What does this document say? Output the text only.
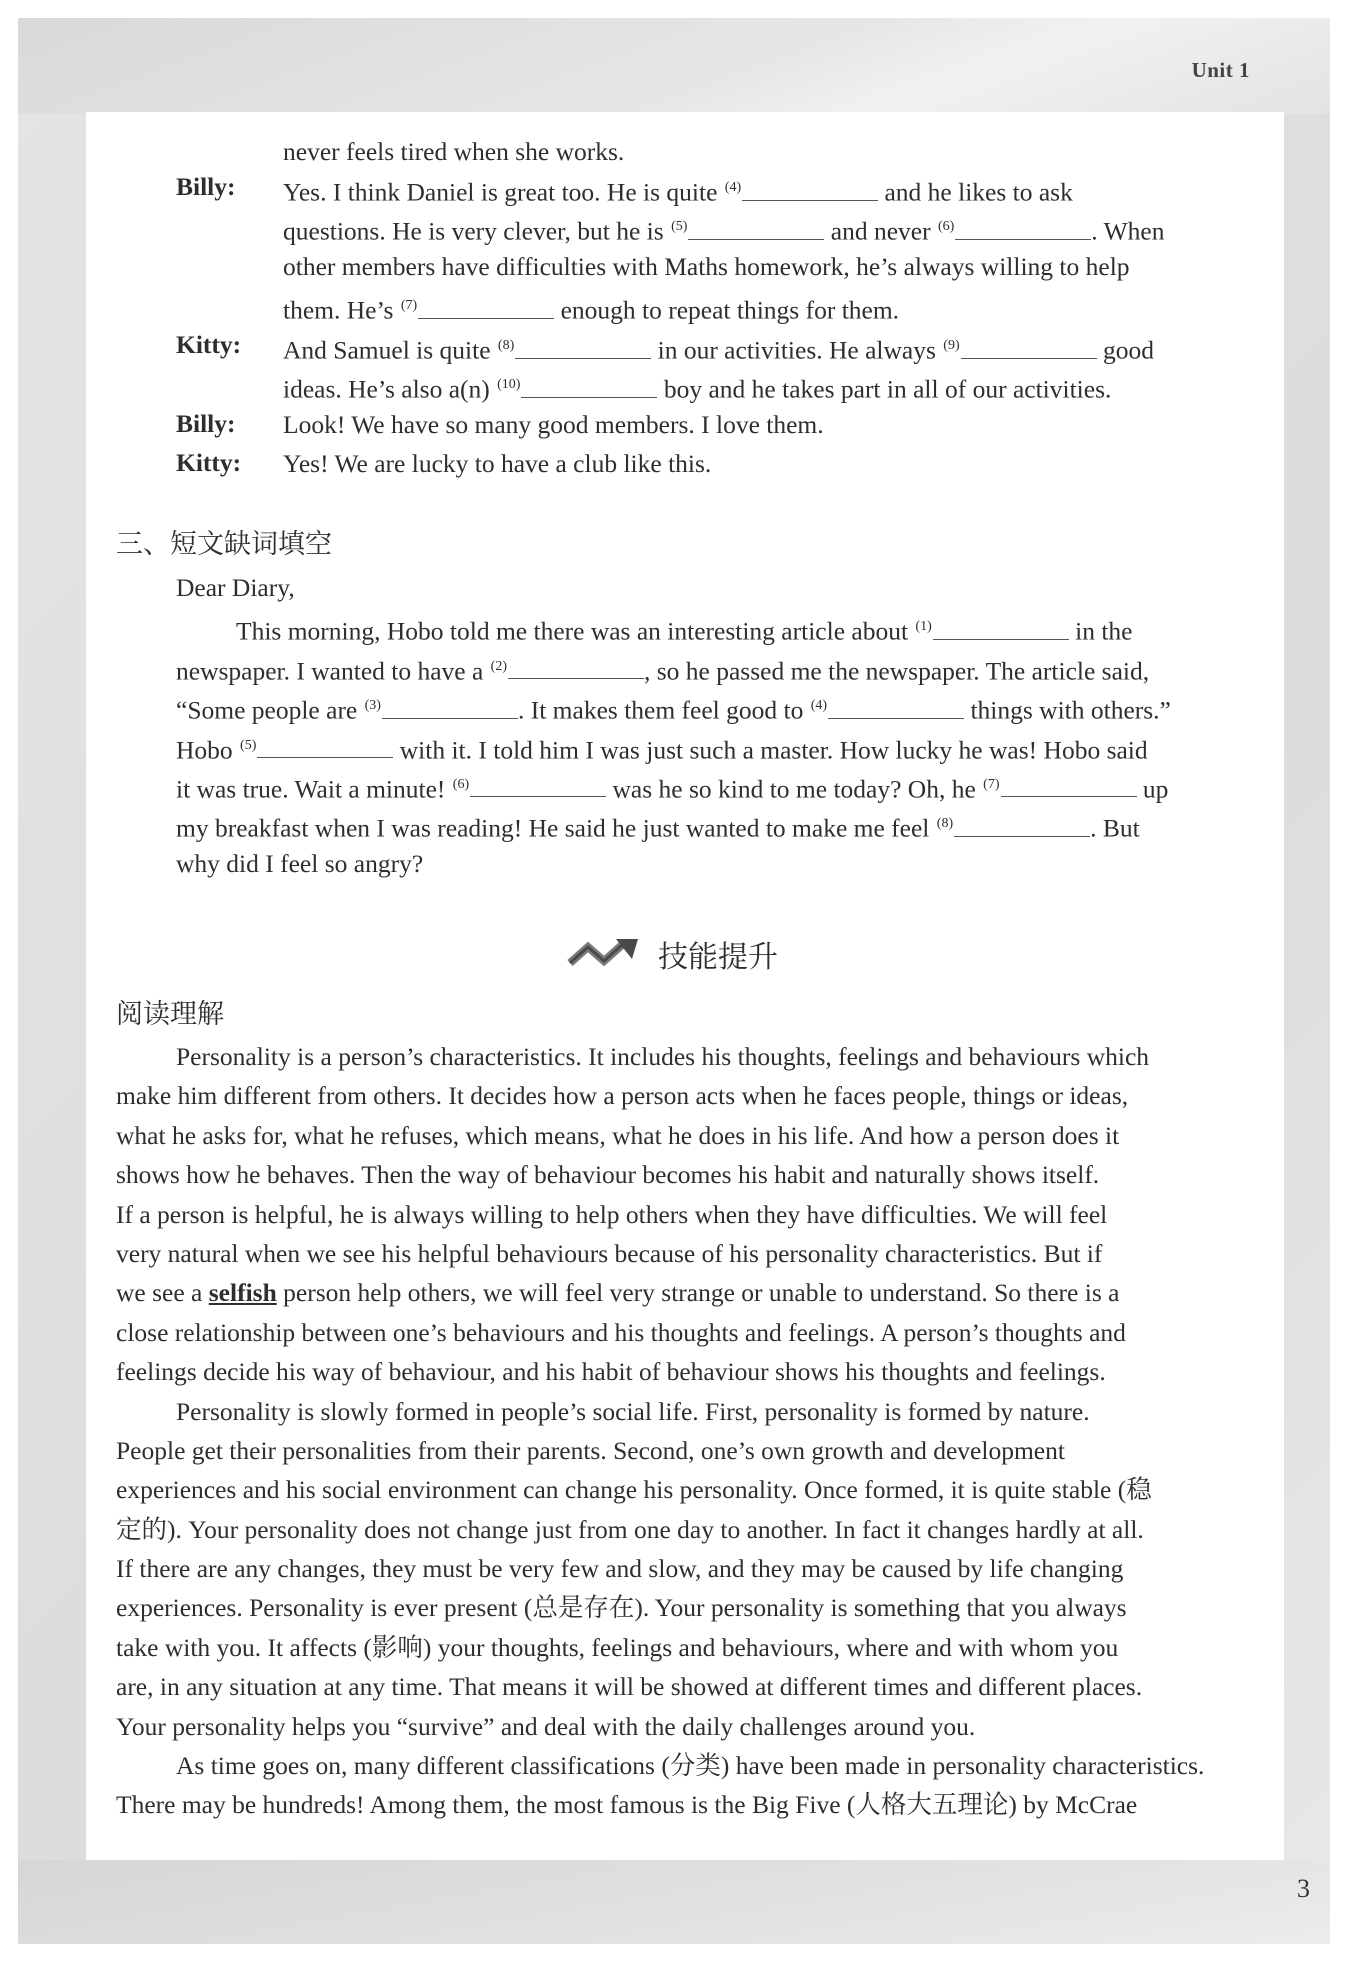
Unit 1
3
never feels tired when she works.
Billy: Yes. I think Daniel is great too. He is quite $^{(4)}$	and he likes to ask
questions. He is very clever, but he is $^{(5)}$	and never $^{(6)}$	. When
other members have difficulties with Maths homework, he’s always willing to help
them. He’s $^{(7)}$	enough to repeat things for them.
Kitty: And Samuel is quite $^{(8)}$	in our activities. He always $^{(9)}$	good
ideas. He’s also a(n) $^{(10)}$	boy and he takes part in all of our activities.
Billy: Look! We have so many good members. I love them.
Kitty: Yes! We are lucky to have a club like this.
三、短文缺词填空
Dear Diary,
This morning, Hobo told me there was an interesting article about $^{(1)}$	in the
newspaper. I wanted to have a $^{(2)}$	, so he passed me the newspaper. The article said,
“Some people are $^{(3)}$	. It makes them feel good to $^{(4)}$	things with others.”
Hobo $^{(5)}$	with it. I told him I was just such a master. How lucky he was! Hobo said
it was true. Wait a minute! $^{(6)}$	was he so kind to me today? Oh, he $^{(7)}$	up
my breakfast when I was reading! He said he just wanted to make me feel $^{(8)}$	. But
why did I feel so angry?
技能提升
阅读理解
Personality is a person’s characteristics. It includes his thoughts, feelings and behaviours which
make him different from others. It decides how a person acts when he faces people, things or ideas,
what he asks for, what he refuses, which means, what he does in his life. And how a person does it
shows how he behaves. Then the way of behaviour becomes his habit and naturally shows itself.
If a person is helpful, he is always willing to help others when they have difficulties. We will feel
very natural when we see his helpful behaviours because of his personality characteristics. But if
we see a selfish person help others, we will feel very strange or unable to understand. So there is a
close relationship between one’s behaviours and his thoughts and feelings. A person’s thoughts and
feelings decide his way of behaviour, and his habit of behaviour shows his thoughts and feelings.
Personality is slowly formed in people’s social life. First, personality is formed by nature.
People get their personalities from their parents. Second, one’s own growth and development
experiences and his social environment can change his personality. Once formed, it is quite stable (稳
定的). Your personality does not change just from one day to another. In fact it changes hardly at all.
If there are any changes, they must be very few and slow, and they may be caused by life changing
experiences. Personality is ever present (总是存在). Your personality is something that you always
take with you. It affects (影响) your thoughts, feelings and behaviours, where and with whom you
are, in any situation at any time. That means it will be showed at different times and different places.
Your personality helps you “survive” and deal with the daily challenges around you.
As time goes on, many different classifications (分类) have been made in personality characteristics.
There may be hundreds! Among them, the most famous is the Big Five (人格大五理论) by McCrae
